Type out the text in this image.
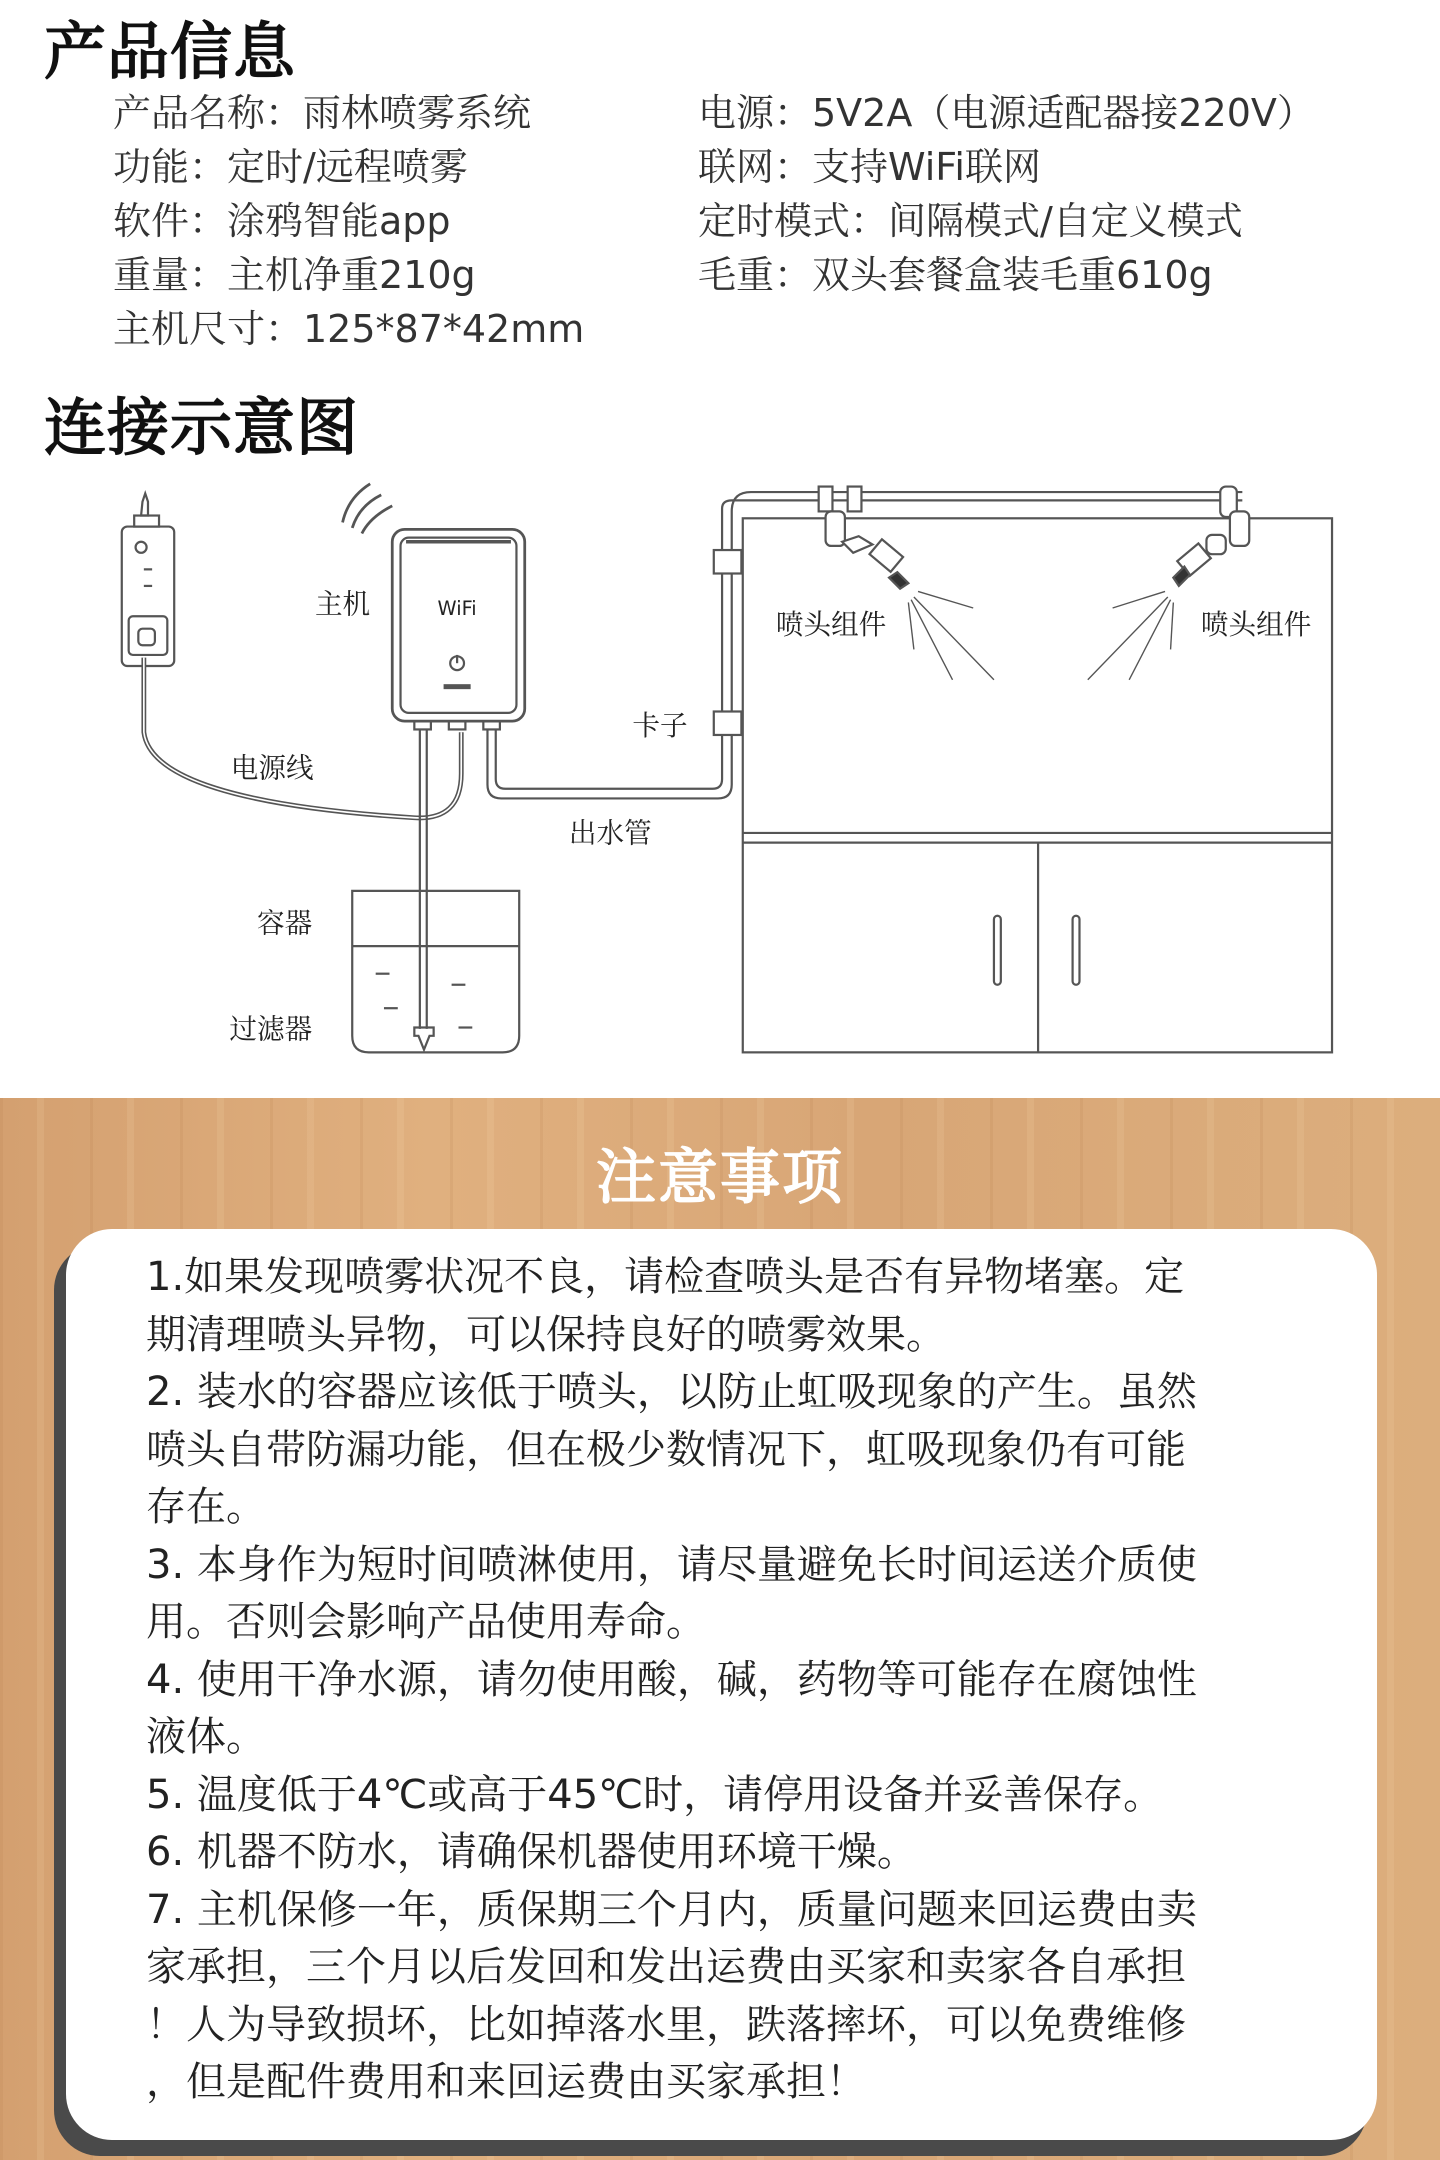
产品信息
产品名称：雨林喷雾系统
功能：定时/远程喷雾
软件：涂鸦智能app
重量：主机净重210g
主机尺寸：125*87*42mm
电源：5V2A（电源适配器接220V）
联网：支持WiFi联网
定时模式：间隔模式/自定义模式
毛重：双头套餐盒装毛重610g
连接示意图
WiFi
主机
喷头组件	喷头组件
卡子
电源线
出水管
容器
过滤器
注意事项
1.如果发现喷雾状况不良，请检查喷头是否有异物堵塞。定
期清理喷头异物，可以保持良好的喷雾效果。
2. 装水的容器应该低于喷头，以防止虹吸现象的产生。虽然
喷头自带防漏功能，但在极少数情况下，虹吸现象仍有可能
存在。
3. 本身作为短时间喷淋使用，请尽量避免长时间运送介质使
用。否则会影响产品使用寿命。
4. 使用干净水源，请勿使用酸，碱，药物等可能存在腐蚀性
液体。
5. 温度低于4℃或高于45℃时，请停用设备并妥善保存。
6. 机器不防水，请确保机器使用环境干燥。
7. 主机保修一年，质保期三个月内，质量问题来回运费由卖
家承担，三个月以后发回和发出运费由买家和卖家各自承担
！人为导致损坏，比如掉落水里，跌落摔坏，可以免费维修
，但是配件费用和来回运费由买家承担！
